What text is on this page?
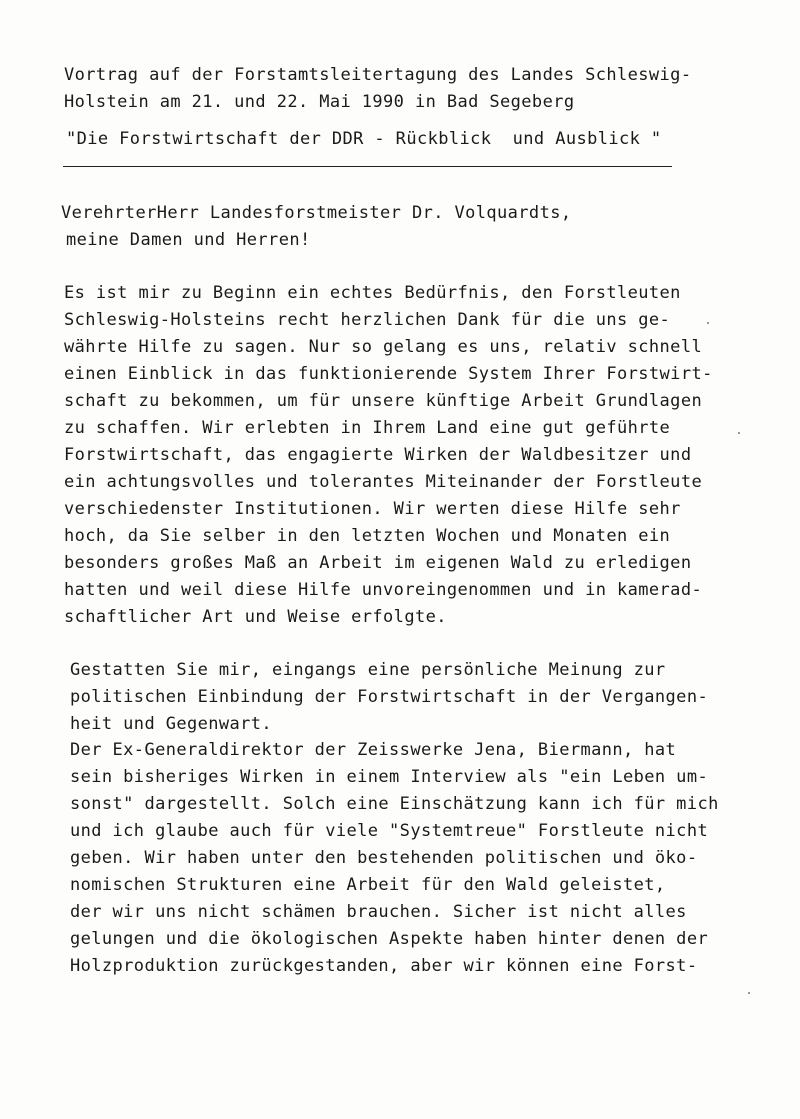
Vortrag auf der Forstamtsleitertagung des Landes Schleswig-
Holstein am 21. und 22. Mai 1990 in Bad Segeberg
"Die Forstwirtschaft der DDR - Rückblick  und Ausblick "
VerehrterHerr Landesforstmeister Dr. Volquardts,
meine Damen und Herren!
Es ist mir zu Beginn ein echtes Bedürfnis, den Forstleuten
Schleswig-Holsteins recht herzlichen Dank für die uns ge-
währte Hilfe zu sagen. Nur so gelang es uns, relativ schnell
einen Einblick in das funktionierende System Ihrer Forstwirt-
schaft zu bekommen, um für unsere künftige Arbeit Grundlagen
zu schaffen. Wir erlebten in Ihrem Land eine gut geführte
Forstwirtschaft, das engagierte Wirken der Waldbesitzer und
ein achtungsvolles und tolerantes Miteinander der Forstleute
verschiedenster Institutionen. Wir werten diese Hilfe sehr
hoch, da Sie selber in den letzten Wochen und Monaten ein
besonders großes Maß an Arbeit im eigenen Wald zu erledigen
hatten und weil diese Hilfe unvoreingenommen und in kamerad-
schaftlicher Art und Weise erfolgte.
Gestatten Sie mir, eingangs eine persönliche Meinung zur
politischen Einbindung der Forstwirtschaft in der Vergangen-
heit und Gegenwart.
Der Ex-Generaldirektor der Zeisswerke Jena, Biermann, hat
sein bisheriges Wirken in einem Interview als "ein Leben um-
sonst" dargestellt. Solch eine Einschätzung kann ich für mich
und ich glaube auch für viele "Systemtreue" Forstleute nicht
geben. Wir haben unter den bestehenden politischen und öko-
nomischen Strukturen eine Arbeit für den Wald geleistet,
der wir uns nicht schämen brauchen. Sicher ist nicht alles
gelungen und die ökologischen Aspekte haben hinter denen der
Holzproduktion zurückgestanden, aber wir können eine Forst-
